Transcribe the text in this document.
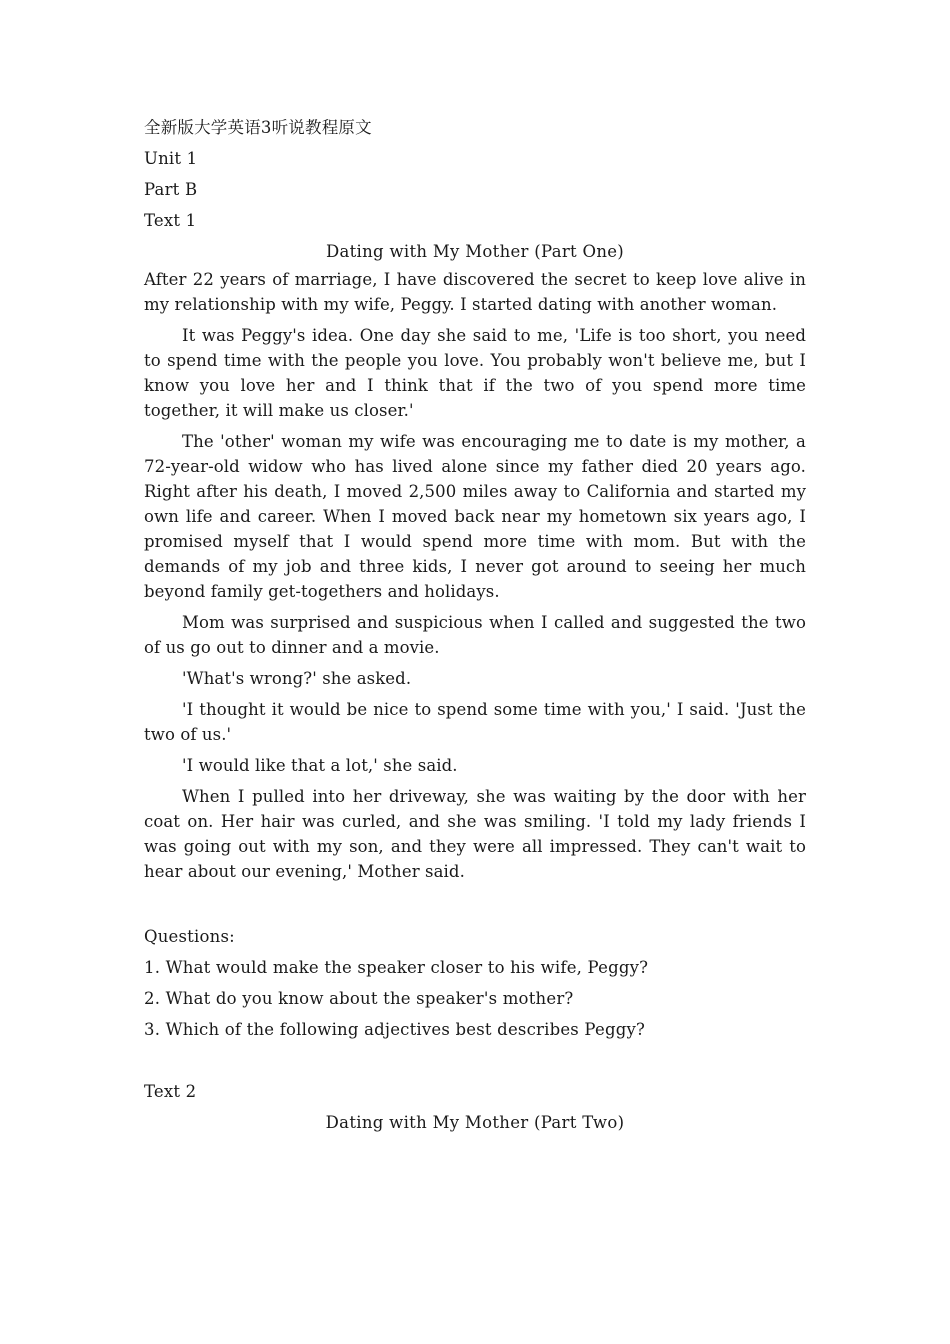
全新版大学英语3听说教程原文

Unit 1

Part B

Text 1

Dating with My Mother (Part One)

After 22 years of marriage, I have discovered the secret to keep love alive in my relationship with my wife, Peggy. I started dating with another woman.

It was Peggy's idea. One day she said to me, 'Life is too short, you need to spend time with the people you love. You probably won't believe me, but I know you love her and I think that if the two of you spend more time together, it will make us closer.'

The 'other' woman my wife was encouraging me to date is my mother, a 72-year-old widow who has lived alone since my father died 20 years ago. Right after his death, I moved 2,500 miles away to California and started my own life and career. When I moved back near my hometown six years ago, I promised myself that I would spend more time with mom. But with the demands of my job and three kids, I never got around to seeing her much beyond family get-togethers and holidays.

Mom was surprised and suspicious when I called and suggested the two of us go out to dinner and a movie.

'What's wrong?' she asked.

'I thought it would be nice to spend some time with you,' I said. 'Just the two of us.'

'I would like that a lot,' she said.

When I pulled into her driveway, she was waiting by the door with her coat on. Her hair was curled, and she was smiling. 'I told my lady friends I was going out with my son, and they were all impressed. They can't wait to hear about our evening,' Mother said.

Questions:

1. What would make the speaker closer to his wife, Peggy?

2. What do you know about the speaker's mother?

3. Which of the following adjectives best describes Peggy?

Text 2

Dating with My Mother (Part Two)
